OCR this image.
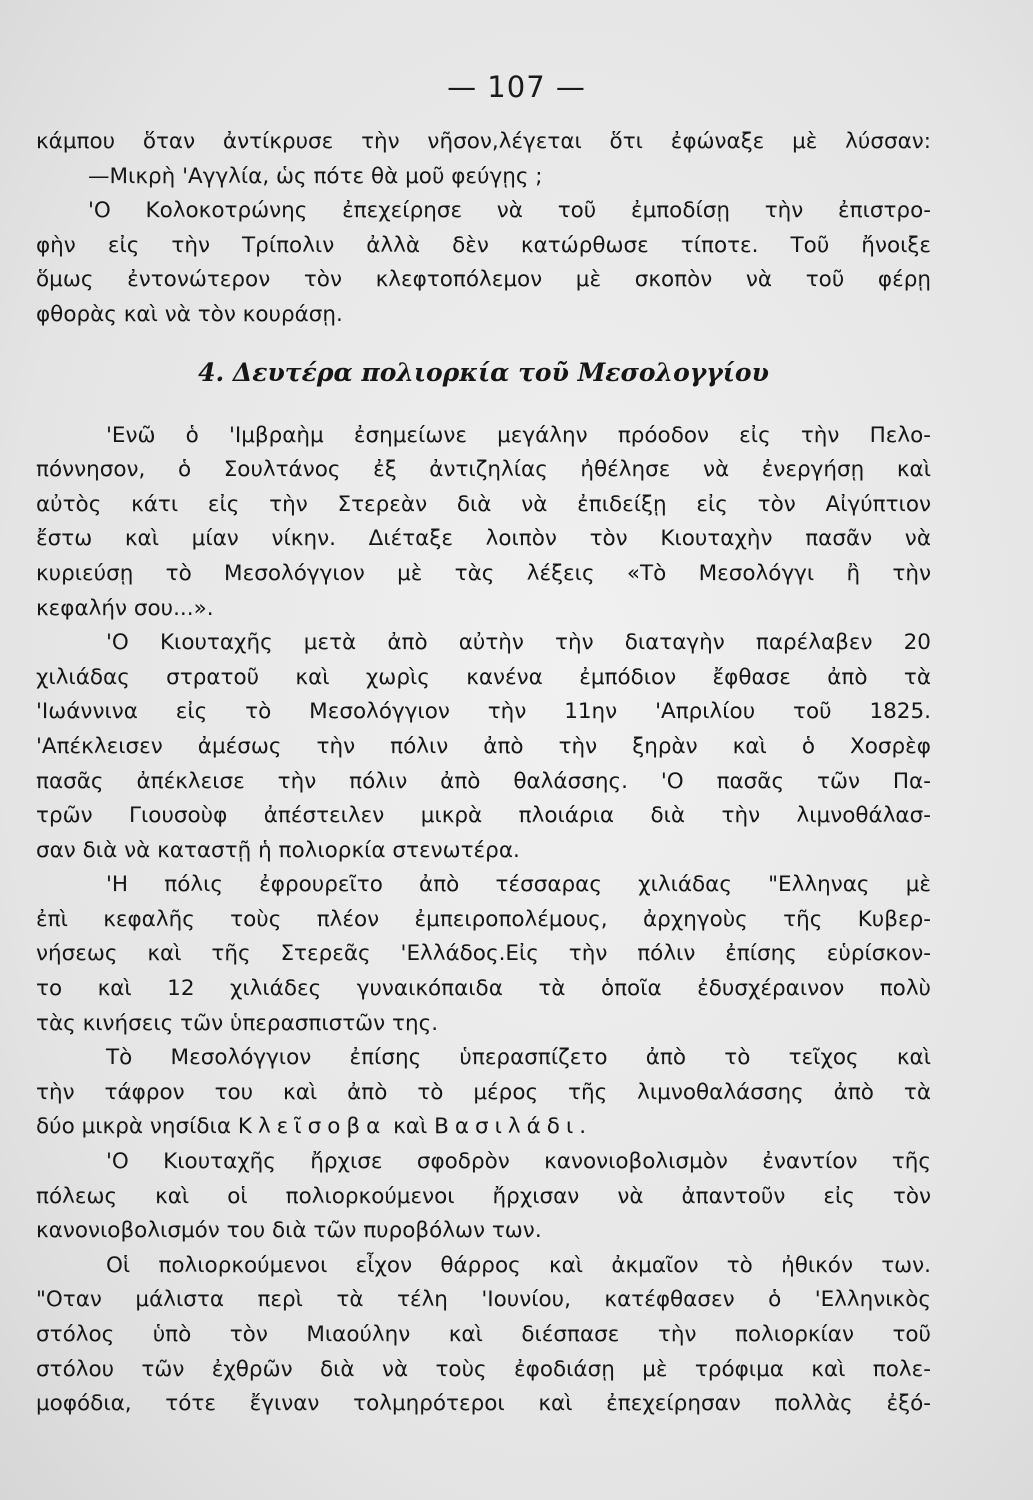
— 107 —
κάμπου ὅταν ἀντίκρυσε τὴν νῆσον,λέγεται ὅτι ἐφώναξε μὲ λύσσαν:
—Μικρὴ 'Αγγλία, ὡς πότε θὰ μοῦ φεύγῃς ;
'Ο Κολοκοτρώνης ἐπεχείρησε νὰ τοῦ ἐμποδίσῃ τὴν ἐπιστρο-
φὴν εἰς τὴν Τρίπολιν ἀλλὰ δὲν κατώρθωσε τίποτε. Τοῦ ἤνοιξε
ὅμως ἐντονώτερον τὸν κλεφτοπόλεμον μὲ σκοπὸν νὰ τοῦ φέρῃ
φθορὰς καὶ νὰ τὸν κουράσῃ.
4. Δευτέρα πολιορκία τοῦ Μεσολογγίου
'Ενῶ ὁ 'Ιμβραὴμ ἐσημείωνε μεγάλην πρόοδον εἰς τὴν Πελο-
πόννησον, ὁ Σουλτάνος ἐξ ἀντιζηλίας ἠθέλησε νὰ ἐνεργήσῃ καὶ
αὐτὸς κάτι εἰς τὴν Στερεὰν διὰ νὰ ἐπιδείξῃ εἰς τὸν Αἰγύπτιον
ἔστω καὶ μίαν νίκην. Διέταξε λοιπὸν τὸν Κιουταχὴν πασᾶν νὰ
κυριεύσῃ τὸ Μεσολόγγιον μὲ τὰς λέξεις «Τὸ Μεσολόγγι ἢ τὴν
κεφαλήν σου...».
'Ο Κιουταχῆς μετὰ ἀπὸ αὐτὴν τὴν διαταγὴν παρέλαβεν 20
χιλιάδας στρατοῦ καὶ χωρὶς κανένα ἐμπόδιον ἔφθασε ἀπὸ τὰ
'Ιωάννινα εἰς τὸ Μεσολόγγιον τὴν 11ην 'Απριλίου τοῦ 1825.
'Απέκλεισεν ἀμέσως τὴν πόλιν ἀπὸ τὴν ξηρὰν καὶ ὁ Χοσρὲφ
πασᾶς ἀπέκλεισε τὴν πόλιν ἀπὸ θαλάσσης. 'Ο πασᾶς τῶν Πα-
τρῶν Γιουσοὺφ ἀπέστειλεν μικρὰ πλοιάρια διὰ τὴν λιμνοθάλασ-
σαν διὰ νὰ καταστῇ ἡ πολιορκία στενωτέρα.
'Η πόλις ἐφρουρεῖτο ἀπὸ τέσσαρας χιλιάδας "Ελληνας μὲ
ἐπὶ κεφαλῆς τοὺς πλέον ἐμπειροπολέμους, ἀρχηγοὺς τῆς Κυβερ-
νήσεως καὶ τῆς Στερεᾶς 'Ελλάδος.Εἰς τὴν πόλιν ἐπίσης εὑρίσκον-
το καὶ 12 χιλιάδες γυναικόπαιδα τὰ ὁποῖα ἐδυσχέραινον πολὺ
τὰς κινήσεις τῶν ὑπερασπιστῶν της.
Τὸ Μεσολόγγιον ἐπίσης ὑπερασπίζετο ἀπὸ τὸ τεῖχος καὶ
τὴν τάφρον του καὶ ἀπὸ τὸ μέρος τῆς λιμνοθαλάσσης ἀπὸ τὰ
δύο μικρὰ νησίδια Κλεῖσοβα καὶ Βασιλάδι.
'Ο Κιουταχῆς ἤρχισε σφοδρὸν κανονιοβολισμὸν ἐναντίον τῆς
πόλεως καὶ οἱ πολιορκούμενοι ἤρχισαν νὰ ἀπαντοῦν εἰς τὸν
κανονιοβολισμόν του διὰ τῶν πυροβόλων των.
Οἱ πολιορκούμενοι εἶχον θάρρος καὶ ἀκμαῖον τὸ ἠθικόν των.
"Οταν μάλιστα περὶ τὰ τέλη 'Ιουνίου, κατέφθασεν ὁ 'Ελληνικὸς
στόλος ὑπὸ τὸν Μιαούλην καὶ διέσπασε τὴν πολιορκίαν τοῦ
στόλου τῶν ἐχθρῶν διὰ νὰ τοὺς ἐφοδιάσῃ μὲ τρόφιμα καὶ πολε-
μοφόδια, τότε ἔγιναν τολμηρότεροι καὶ ἐπεχείρησαν πολλὰς ἐξό-
